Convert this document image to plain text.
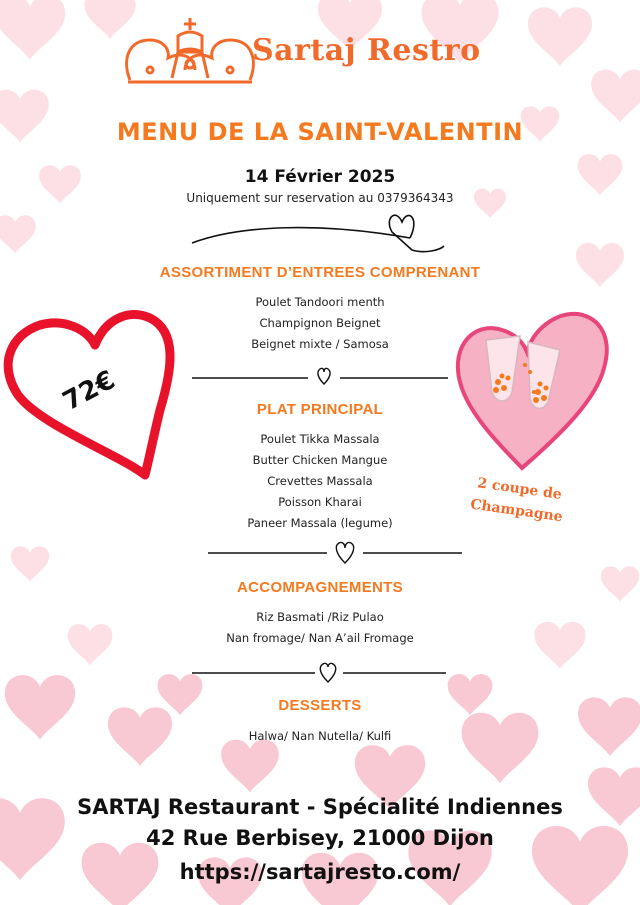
Sartaj Restro
MENU DE LA SAINT-VALENTIN
14 Février 2025
Uniquement sur reservation au 0379364343
ASSORTIMENT D’ENTREES COMPRENANT
Poulet Tandoori menth
Champignon Beignet
Beignet mixte / Samosa
PLAT PRINCIPAL
Poulet Tikka Massala
Butter Chicken Mangue
Crevettes Massala
Poisson Kharai
Paneer Massala (legume)
ACCOMPAGNEMENTS
Riz Basmati /Riz Pulao
Nan fromage/ Nan A’ail Fromage
DESSERTS
Halwa/ Nan Nutella/ Kulfi
72€
2 coupe de Champagne
SARTAJ Restaurant - Spécialité Indiennes
42 Rue Berbisey, 21000 Dijon
https://sartajresto.com/
